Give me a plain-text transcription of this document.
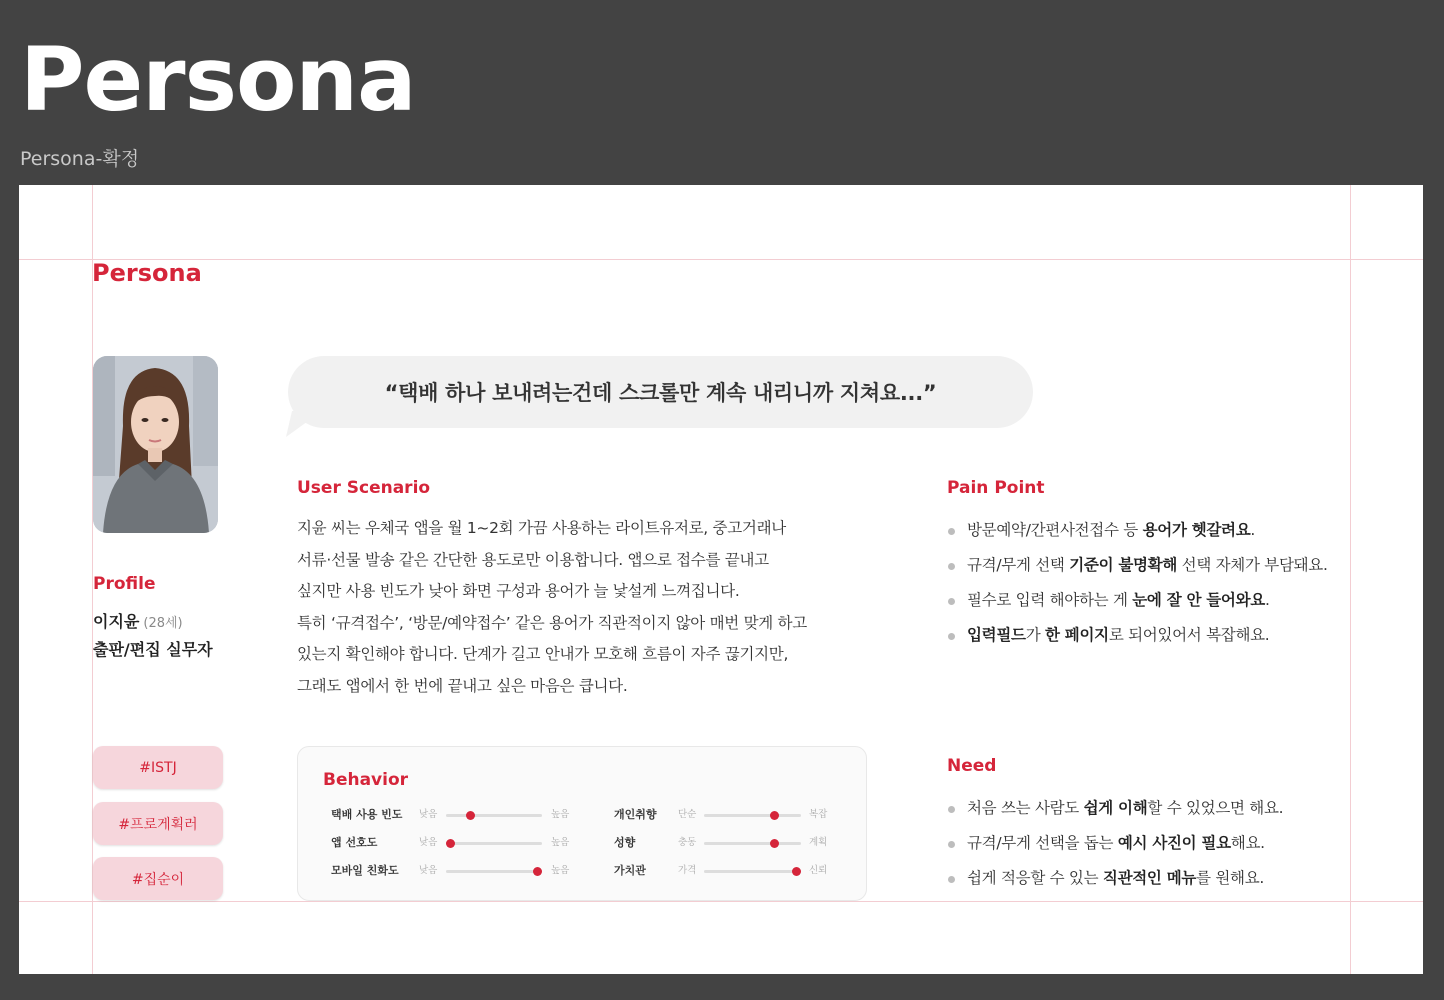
Persona
Persona-확정
Persona
Profile
이지윤 (28세)
출판/편집 실무자
#ISTJ
#프로게획러
#집순이
“택배 하나 보내려는건데 스크롤만 계속 내리니까 지쳐요...”
User Scenario

지윤 씨는 우체국 앱을 월 1~2회 가끔 사용하는 라이트유저로, 중고거래나

서류·선물 발송 같은 간단한 용도로만 이용합니다. 앱으로 접수를 끝내고

싶지만 사용 빈도가 낮아 화면 구성과 용어가 늘 낯설게 느껴집니다.

특히 ‘규격접수’, ‘방문/예약접수’ 같은 용어가 직관적이지 않아 매번 맞게 하고

있는지 확인해야 합니다. 단계가 길고 안내가 모호해 흐름이 자주 끊기지만,

그래도 앱에서 한 번에 끝내고 싶은 마음은 큽니다.

Pain Point
방문예약/간편사전접수 등 용어가 헷갈려요.
규격/무게 선택 기준이 불명확해 선택 자체가 부담돼요.
필수로 입력 해야하는 게 눈에 잘 안 들어와요.
입력필드가 한 페이지로 되어있어서 복잡해요.
Need
처음 쓰는 사람도 쉽게 이해할 수 있었으면 해요.
규격/무게 선택을 돕는 예시 사진이 필요해요.
쉽게 적응할 수 있는 직관적인 메뉴를 원해요.
Behavior
택배 사용 빈도 낮음	높음
앱 선호도	낮음	높음
모바일 친화도 낮음	높음
개인취향 단순	복잡
성향	충동	계획
가치관	가격	신뢰
